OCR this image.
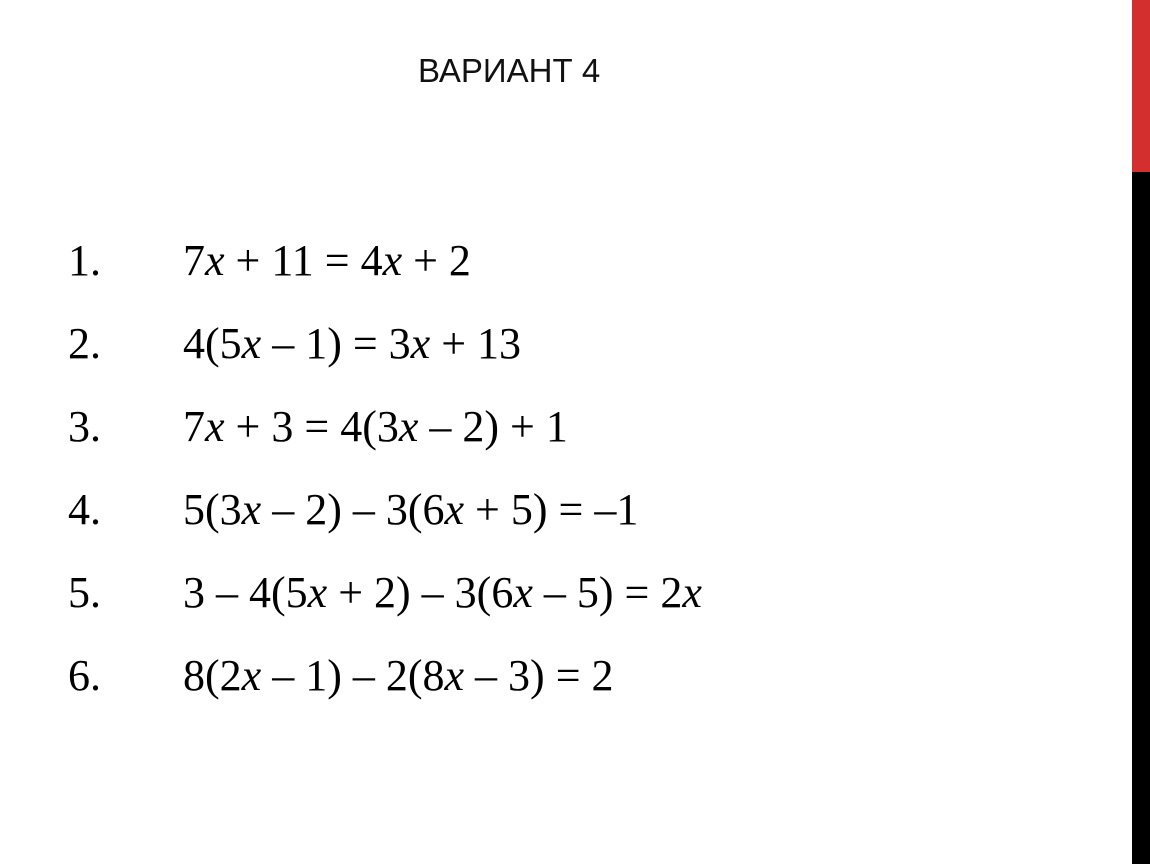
ВАРИАНТ 4
1. 7x + 11 = 4x + 2
2. 4(5x – 1) = 3x + 13
3. 7x + 3 = 4(3x – 2) + 1
4. 5(3x – 2) – 3(6x + 5) = –1
5. 3 – 4(5x + 2) – 3(6x – 5) = 2x
6. 8(2x – 1) – 2(8x – 3) = 2
